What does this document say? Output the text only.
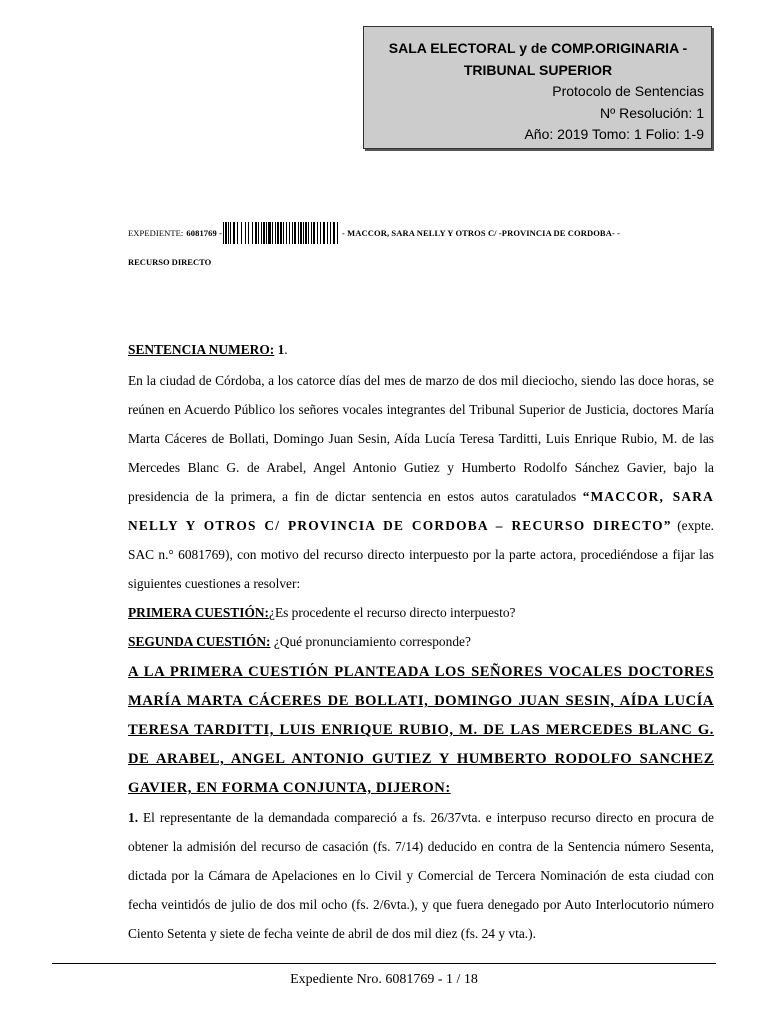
SALA ELECTORAL y de COMP.ORIGINARIA -
TRIBUNAL SUPERIOR
Protocolo de Sentencias
Nº Resolución: 1
Año: 2019 Tomo: 1 Folio: 1-9
EXPEDIENTE: 6081769 -	- MACCOR, SARA NELLY Y OTROS C/ -PROVINCIA DE CORDOBA- -
RECURSO DIRECTO

SENTENCIA NUMERO: 1.

En la ciudad de Córdoba, a los catorce días del mes de marzo de dos mil dieciocho, siendo las doce horas, se reúnen en Acuerdo Público los señores vocales integrantes del Tribunal Superior de Justicia, doctores María Marta Cáceres de Bollati, Domingo Juan Sesin, Aída Lucía Teresa Tarditti, Luis Enrique Rubio, M. de las Mercedes Blanc G. de Arabel, Angel Antonio Gutiez y Humberto Rodolfo Sánchez Gavier, bajo la presidencia de la primera, a fin de dictar sentencia en estos autos caratulados “MACCOR, SARA NELLY Y OTROS C/ PROVINCIA DE CORDOBA – RECURSO DIRECTO” (expte. SAC n.° 6081769), con motivo del recurso directo interpuesto por la parte actora, procediéndose a fijar las siguientes cuestiones a resolver:

PRIMERA CUESTIÓN:¿Es procedente el recurso directo interpuesto?

SEGUNDA CUESTIÓN: ¿Qué pronunciamiento corresponde?

A LA PRIMERA CUESTIÓN PLANTEADA LOS SEÑORES VOCALES DOCTORES MARÍA MARTA CÁCERES DE BOLLATI, DOMINGO JUAN SESIN, AÍDA LUCÍA TERESA TARDITTI, LUIS ENRIQUE RUBIO, M. DE LAS MERCEDES BLANC G. DE ARABEL, ANGEL ANTONIO GUTIEZ Y HUMBERTO RODOLFO SANCHEZ GAVIER, EN FORMA CONJUNTA, DIJERON:

1. El representante de la demandada compareció a fs. 26/37vta. e interpuso recurso directo en procura de obtener la admisión del recurso de casación (fs. 7/14) deducido en contra de la Sentencia número Sesenta, dictada por la Cámara de Apelaciones en lo Civil y Comercial de Tercera Nominación de esta ciudad con fecha veintidós de julio de dos mil ocho (fs. 2/6vta.), y que fuera denegado por Auto Interlocutorio número Ciento Setenta y siete de fecha veinte de abril de dos mil diez (fs. 24 y vta.).

Expediente Nro. 6081769 - 1 / 18
